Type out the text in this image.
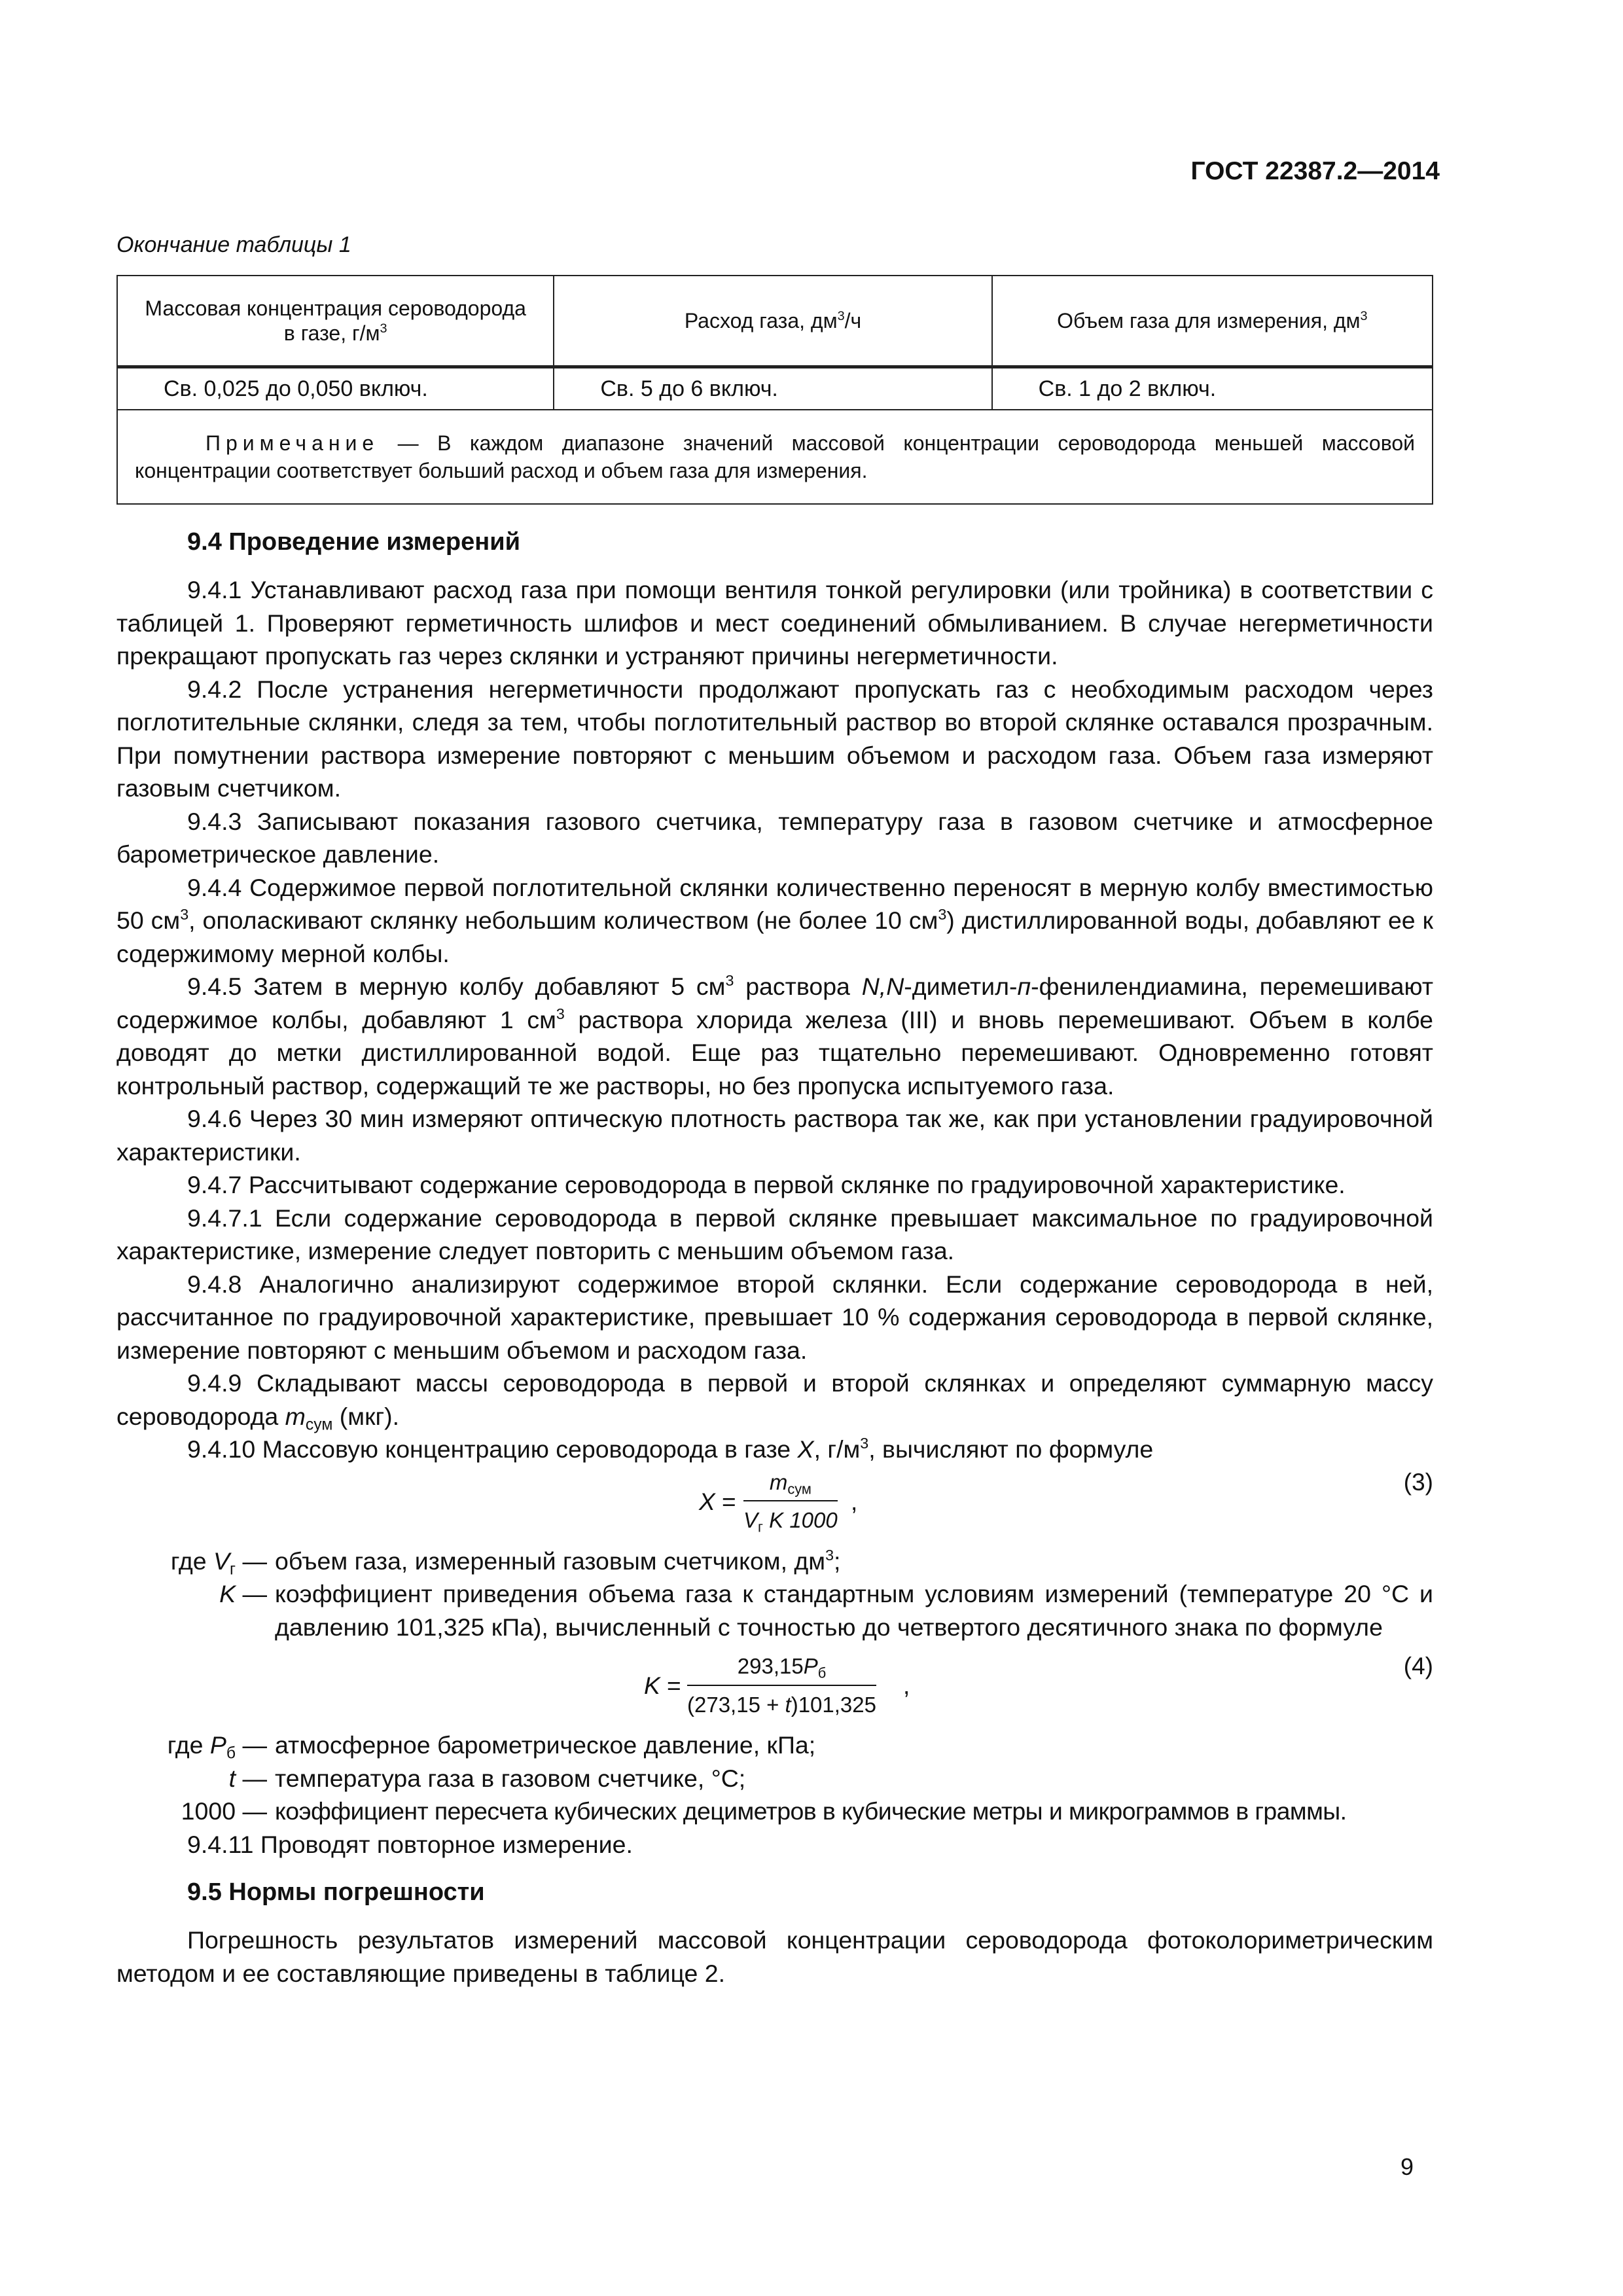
ГОСТ 22387.2—2014
Окончание таблицы 1
Массовая концентрация сероводорода
в газе, $г/м^3$	Расход газа, $дм^3/ч$	Объем газа для измерения, $дм^3$
Св. 0,025 до 0,050 включ.	Св. 5 до 6 включ.	Св. 1 до 2 включ.
Примечание — В каждом диапазоне значений массовой концентрации сероводорода меньшей массовой концентрации соответствует больший расход и объем газа для измерения.		
9.4 Проведение измерений

9.4.1 Устанавливают расход газа при помощи вентиля тонкой регулировки (или тройника) в соответствии с таблицей 1. Проверяют герметичность шлифов и мест соединений обмыливанием. В случае негерметичности прекращают пропускать газ через склянки и устраняют причины негерметичности.

9.4.2 После устранения негерметичности продолжают пропускать газ с необходимым расходом через поглотительные склянки, следя за тем, чтобы поглотительный раствор во второй склянке оставался прозрачным. При помутнении раствора измерение повторяют с меньшим объемом и расходом газа. Объем газа измеряют газовым счетчиком.

9.4.3 Записывают показания газового счетчика, температуру газа в газовом счетчике и атмосферное барометрическое давление.

9.4.4 Содержимое первой поглотительной склянки количественно переносят в мерную колбу вместимостью 50 $см^3$, ополаскивают склянку небольшим количеством (не более 10 $см^3$) дистиллированной воды, добавляют ее к содержимому мерной колбы.

9.4.5 Затем в мерную колбу добавляют 5 $см^3$ раствора N,N-диметил-п-фенилендиамина, перемешивают содержимое колбы, добавляют 1 $см^3$ раствора хлорида железа (III) и вновь перемешивают. Объем в колбе доводят до метки дистиллированной водой. Еще раз тщательно перемешивают. Одновременно готовят контрольный раствор, содержащий те же растворы, но без пропуска испытуемого газа.

9.4.6 Через 30 мин измеряют оптическую плотность раствора так же, как при установлении градуировочной характеристики.

9.4.7 Рассчитывают содержание сероводорода в первой склянке по градуировочной характеристике.

9.4.7.1 Если содержание сероводорода в первой склянке превышает максимальное по градуировочной характеристике, измерение следует повторить с меньшим объемом газа.

9.4.8 Аналогично анализируют содержимое второй склянки. Если содержание сероводорода в ней, рассчитанное по градуировочной характеристике, превышает 10 % содержания сероводорода в первой склянке, измерение повторяют с меньшим объемом и расходом газа.

9.4.9 Складывают массы сероводорода в первой и второй склянках и определяют суммарную массу сероводорода $m_{сум}$ (мкг).

9.4.10 Массовую концентрацию сероводорода в газе X, $г/м^3$, вычисляют по формуле

X =
$m_{сум}$
$V_г$ K 1000
,
(3)
где $V_г$ — объем газа, измеренный газовым счетчиком, $дм^3$;
K — коэффициент приведения объема газа к стандартным условиям измерений (температуре 20 °С и давлению 101,325 кПа), вычисленный с точностью до четвертого десятичного знака по формуле
K =
$293,15P_б$
(273,15 + t)101,325
,
(4)
где $P_б$ — атмосферное барометрическое давление, кПа;
t — температура газа в газовом счетчике, °С;
1000 — коэффициент пересчета кубических дециметров в кубические метры и микрограммов в граммы.

9.4.11 Проводят повторное измерение.

9.5 Нормы погрешности

Погрешность результатов измерений массовой концентрации сероводорода фотоколориметрическим методом и ее составляющие приведены в таблице 2.

9
